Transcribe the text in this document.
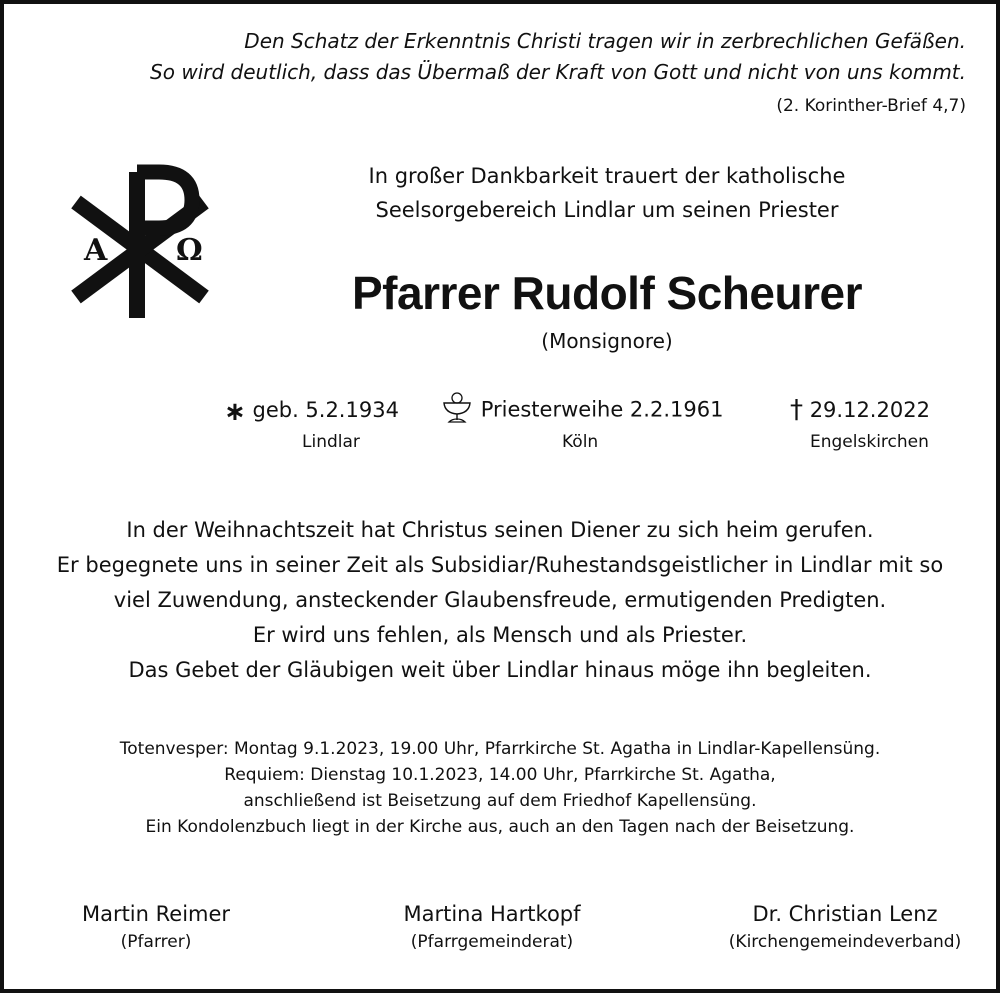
Den Schatz der Erkenntnis Christi tragen wir in zerbrechlichen Gefäßen.
So wird deutlich, dass das Übermaß der Kraft von Gott und nicht von uns kommt.
(2. Korinther-Brief 4,7)
A Ω
In großer Dankbarkeit trauert der katholische
Seelsorgebereich Lindlar um seinen Priester
Pfarrer Rudolf Scheurer
(Monsignore)
∗ geb. 5.2.1934
Lindlar
Priesterweihe 2.2.1961
Köln
† 29.12.2022
Engelskirchen
In der Weihnachtszeit hat Christus seinen Diener zu sich heim gerufen.
Er begegnete uns in seiner Zeit als Subsidiar/Ruhestandsgeistlicher in Lindlar mit so
viel Zuwendung, ansteckender Glaubensfreude, ermutigenden Predigten.
Er wird uns fehlen, als Mensch und als Priester.
Das Gebet der Gläubigen weit über Lindlar hinaus möge ihn begleiten.
Totenvesper: Montag 9.1.2023, 19.00 Uhr, Pfarrkirche St. Agatha in Lindlar-Kapellensüng.
Requiem: Dienstag 10.1.2023, 14.00 Uhr, Pfarrkirche St. Agatha,
anschließend ist Beisetzung auf dem Friedhof Kapellensüng.
Ein Kondolenzbuch liegt in der Kirche aus, auch an den Tagen nach der Beisetzung.
Martin Reimer
(Pfarrer)
Martina Hartkopf
(Pfarrgemeinderat)
Dr. Christian Lenz
(Kirchengemeindeverband)
